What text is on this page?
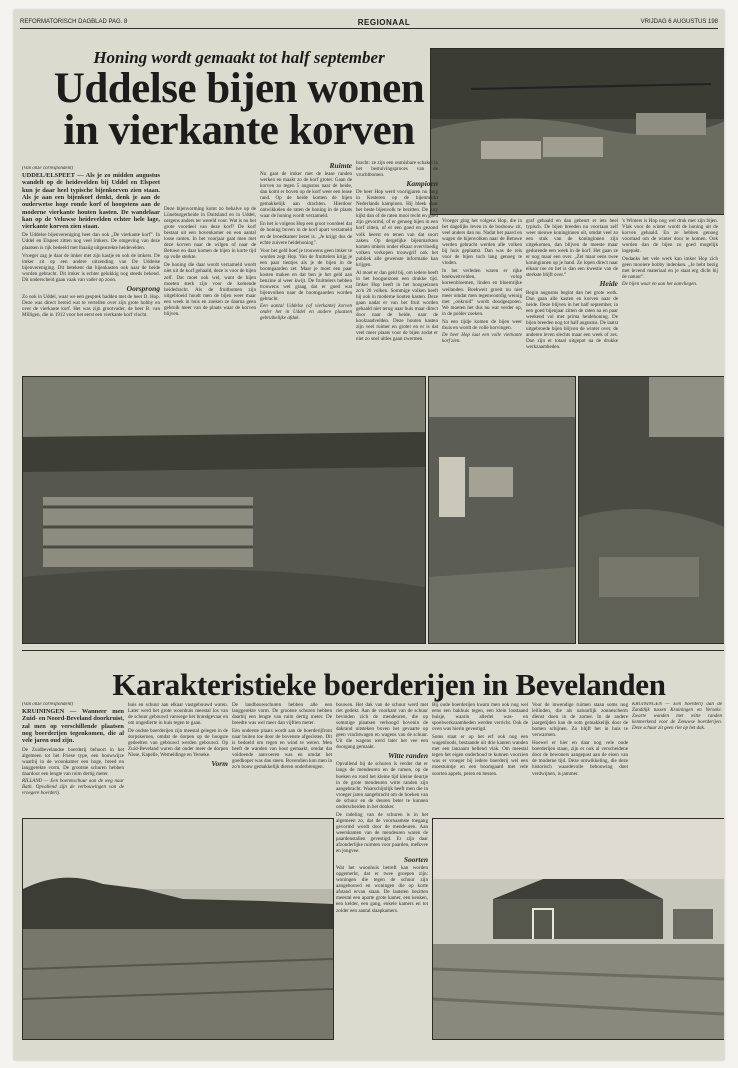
REFORMATORISCH DAGBLAD PAG. 8	REGIONAAL	VRIJDAG 6 AUGUSTUS 198
Honing wordt gemaakt tot half september
Uddelse bijen wonen
in vierkante korven
(Van onze correspondent)
UDDEL/ELSPEET — Als je zo midden augustus wandelt op de heidevelden bij Uddel en Elspeet kun je daar heel typische bijenkorven zien staan. Als je aan een bijenkorf denkt, denk je aan de ouderwetse hoge ronde korf of hoogstens aan de moderne vierkante houten kasten. De wandelaar kan op de Veluwse heidevelden echter hele lage, vierkante korven zien staan.

De Uddelse bijenvereniging heet dan ook „De vierkante korf”. In Uddel en Elspeet zitten nog veel imkers. De omgeving van deze plaatsen is rijk bedeeld met lhaaiig uitgestrekte heidevelden.

Vroeger zag je daar de imker met zijn kastje en ook de imkers. De imker zit op een andere uitzending van De Uddelse bijenvereniging. Dit betekent dat bijenkasten ook naar de heide worden gebracht. Dit imker is echter gelukkig nog steeds bekend. Dit onderscheid gaan vaak van vader op zoon.

Oorsprong

Zo ook in Uddel, waar we een gesprek hadden met de heer D. Hop. Deze was direct bereid wat te vertellen over zijn grote hobby en over de vierkante korf. Het was zijn grootvader, de heer B. van Milligen, die in 1912 voor het eerst een vierkante korf vlocht.

Deze bijenvorming komt zo behalve op de Lüneburgerheide in Duitsland en in Uddel, nergens anders ter wereld voor. Wat is nu het grote voordeel van deze korf? De korf bestaat uit een bovenkamer en een aantal losse ranten. In het voorjaar gaat men met deze korven naar de wilgen of naar de Betuwe en daar komen de bijen in korte tijd op volle sterkte.

De honing die daar wordt verzameld wordt niet uit de korf gehaald, deze is voor de bijen zelf. Dat moet ook wel, want de bijen moeten sterk zijn voor de komende heidedracht. Als de fruitbomen zijn uitgebloeid houdt men de bijen weer maar een week in huis en zoeken ze daarna geen gebruik meer van de plaats waar de korven blijven.

Ruimte

Nu gaat de imker met de lease randen werken en maakt zo de korf groter. Gaan de korven zo tegen 5 augustus naar de heide, dan komt er boven op de korf weer een lease rand. Op de heide komen de bijen gemakkelijk aan drachten. Hierdoor ontwikkelen de raten de honing in de plaats waar de honing wordt verzameld.

En het is volgens Hop een groot voordeel dat de honing boven in de korf apart verzameld en de broedkamer bezet is. „Je krijgt dus de echte zuivere heidehoning”.

Voor het geld hoef je trouwens geen imker te worden zegt Hop. Van de fruittelers krijg je een paar tientjes als je de bijen in de boomgaarden zet. Maar je moet een paar kosten maken en dat ben je het geld aan benzine al weer kwijt. De fruittelers hebben trouwens wel graag dat er goed wat bijenvolken naar de boomgaarden worden gebracht.

Een aantal Uddelse (of vierkante) korven onder het in Uddel en andere plaatsen gebruikelijke afdak.

bracht: ze zijn een onmisbare schakel in het bestuivingsproces van de vruchtbomen.

Kampioen

De heer Hop werd voorigjaren nu lang in Kesteren op de bijenmarkt Nederlands kampioen. Hij bleek daar het beste bijenvolk te bezitten. De jury kijkt dan of de raten mooi recht en goed zijn gevormd, of er genoeg bijen in een korf zitten, of er een goed en gezond volk heerst en tenen van dat soort zaken. Op dergelijke bijenmarkten komen imkers onder elkaar overvloedig volken verkopen trouwgrif ook het publiek alle gewenste informatie kan krijgen.

Al moet er dan geld bij, om iedere heeft in het hoogseizoen een drukke tijd. Imker Hop heeft in het hoogseizoen zo'n 20 volken. Sommige volken heeft hij ook in moderne houten kasten. Deze gaan nadat er van het fruit worden gehaald niet terug naar huis maar direct door naar de heide, naar de koolzaadvelden. Deze houten kasten zijn veel ruimer en groter en er is dat veel meer plaats voor de bijen zodat er niet zo snel uitles gaan zwermen.

Vroeger ging het volgens Hop, die in het dagelijks leven in de bosbouw zit, veel anders dan nu. Nadat het paard en wagen de bijenvolken naar de Betuwe werden gebracht werden alle volken bij huis geplaatst. Dan was de reis voor de bijen toch lang genoeg te vinden.

In het verleden waren er rijke boekweitvelden, volop koreenbloemen, linden en bloemrijke weilanden. Boekweit groeit nu niet meer omdat men tegenwoordig weinig met „onkruid” wordt doodgespoten. We moeten het dus nu wat verder op, in de polder zoeken.

Na een tijdje komen de bijen weer thuis en wordt de volle korvingen.

De heer Hop laat een volle vierkante korf zien.

graf gehaald en dan gebeurt er iets heel typisch. De bijen breeden nu voortaan zelf weer nieuwe koninginnen uit, omdat veel zo een stuk van de koninginnen zijn uitgekomen, dan blijven de meeste maar gedurende een week in de korf. Het gaan ze er nog maar een over. „Zet maar eens twee koninginnen op je hand. Ze lopen direct naar elkaar toe en het is dan een kwestie van de sterkste blijft over.”

Heide

Begin augustus begint dan het grote werk. Dan gaan alle kasten en korven naar de heide. Deze blijven in het half september, in een goed bijenjaar zitten de raten na en paar weekend vol met prima heidehoning. De bijen breeden nog tot half augustus. De laatst uitgebroede bijen blijven de winter over, de anderen leven slechts maar een week of zes. Dan zijn er totaal uitgepot na de drukke werkzaamheden.

's Winters is Hop nog wel druk met zijn bijen. Vlak voor de winter wordt de honing uit de korven gehaald. En ze hebben genoeg voorraad om de winter door te komen. Ook worden dan de bijen zo goed mogelijk ingepakt.

Ondanks het vele werk kan imker Hop zich geen mooiere hobby indenken. „Je hebt bezig met levend materiaal en je staat erg dicht bij de natuur”.

De bijen waar en aan het aanvliegen.
Karakteristieke boerderijen in Bevelanden
(Van onze correspondent)
KRUININGEN — Wanneer men Zuid- en Noord-Beveland doorkruist, zal men op verschillende plaatsen nog boerderijen tegenkomen, die al vele jaren oud zijn.

De Zuidbevelandse boerderij behoort in het algemeen tot het Friese type, een bouwwijze waarbij in de woonkamer een hoge, breed en langgerekte vorm. De grootste schuren hebben daardoor een lengte van ruim dertig meter.

RILLAND — Een boerenschuur aan de weg naar Bath. Opvallend zijn de verbouwingen van de vroegere boerderij.

huis en schuur aan elkaar vastgebouwd waren. Later werd het grote woonhuis meestal los van de schuur gebouwd vanwege het brandgevaar en om ongedierte in huis tegen te gaan.

De oudste boerderijen zijn meestal gelegen in de dorpskernen, omdat de dorpen op de hoogste gedeelten van gebouwd werden gebouwd. Op Zuid-Beveland waren dat onder meer de dorpen Nisse, Kapelle, Wemeldinge en Yerseke.

Vorm

De landbouwschuren hebben alle een langgerekte vorm. De grootste schuren hebben daarbij een lengte van ruim dertig meter. De breedte was wel meer dan vijftien meter.

Eén onderste plaats wordt aan de boerderijfront naar buiten toe door de bovenste afgesloten. Dit is bedoeld om regen en wind te weren. Men heeft de wanden van hout gemaakt, omdat dat voldoende aanvoeren was en omdat het goedkoper was dan steen. Bovendien kon men in zo'n bouw gemakkelijk dieren onderbrengen.

bouwen. Het dak van de schuur werd met riet gedekt. Aan de voorkant van de schuur bevinden zich de mendeuren, die op sommige plaatsen verhoogd bovenin de dakrand uitsteken boven het gevaarte op geen vrachtwagen en wagens van de schuur. Uit die wagens werd later het vee een doorgang gemaakt.

Witte randen

Opvallend bij de schuren is verder dat er langs de mendeuren en de ramen, op de hoeken en rond het kleine tijd kleine deurtje in de grote mendeuren witte randen zijn aangebracht. Waarschijnlijk heeft men die in vroeger jaren aangebracht om de hoeken van de schuur en de deuren beter te kunnen onderscheiden in het donker.

De indeling van de schuren is in het algemeen zo, dat de voornaamste toegang gevormd wordt door de mendeuren. Aan weerskanten van de mendeuren waren de paardenstallen gevestigd. Er zijn daar afzonderlijke ruimten voor paarden, melkvee en jongvee.

Soorten

Wat het woonhuis betreft kan worden opgemerkt, dat er twee groepen zijn: woningen die tegen de schuur zijn aangebouwd en woningen die op korte afstand ervan staan. De laatsten bezitten meestal een aparte grote kamer, een keuken, een kelder, een gang, enkele kamers en tot zolder een aantal slaapkamers.

Bij oude boerderijen kwam men ook nog wel eens een bakhuis tegen, een klein losstaand huisje, waarin allerlei was- en spoelwerkzaamheden werden verricht. Ook de oven was hierin gevestigd.

Soms staat er op het erf ook nog een wagenloods, bestaande uit drie kanten wanden met een lanzaam hellend vlak. Om meestal tegen het eigen onderhoud te kunnen voorzien was er vroeger bij iedere boerderij wel een moestuintje en een boomgaard met vele soorten appels, peren en bessen.

Voor de inwendige ruimen staan soms nog leilinden, die als natuurlijk zonnescherm dienst doen in de zomer. In de andere jaargetijden kan de som gemakkelijk door de bomen schijnen. Zo blijft het in huis te verwarmen.

Hoewel er hier en daar nog vele oude boerderijen staan, zijn er ook al verscheidene door de bewoners aangepast aan de eisen van de moderne tijd. Deze ontwikkeling, die deze historisch waardevolle bebouwing doet verdwijnen, is jammer.

KRUININGEN — Een boerderij aan de Zanddijk tussen Kruiningen en Yerseke. Zwarte wanden met witte randen kenmerkend voor de Zeeuwse boerderijen. Deze schuur zit geen riet op het dak.
